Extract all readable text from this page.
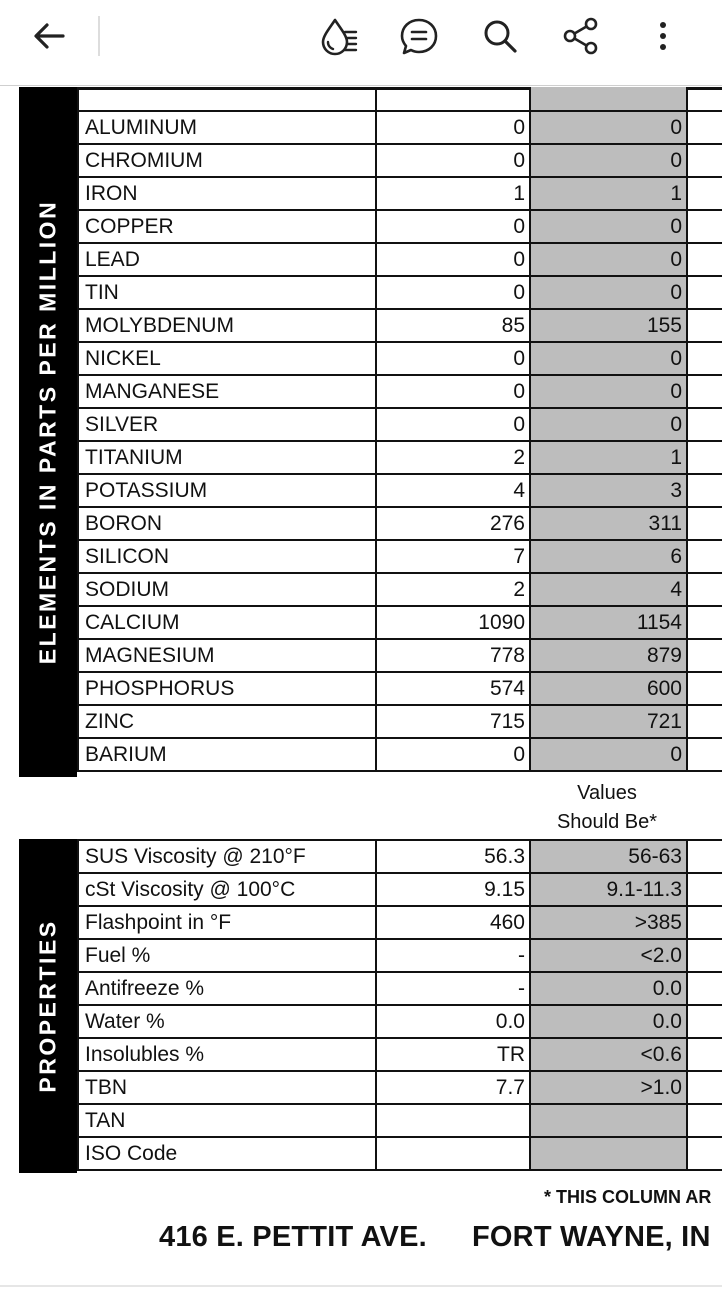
ELEMENTS IN PARTS PER MILLION

ALUMINUM	0	0	
CHROMIUM	0	0	
IRON	1	1	
COPPER	0	0	
LEAD	0	0	
TIN	0	0	
MOLYBDENUM	85	155	
NICKEL	0	0	
MANGANESE	0	0	
SILVER	0	0	
TITANIUM	2	1	
POTASSIUM	4	3	
BORON	276	311	
SILICON	7	6	
SODIUM	2	4	
CALCIUM	1090	1154	
MAGNESIUM	778	879	
PHOSPHORUS	574	600	
ZINC	715	721	
BARIUM	0	0	
Values
Should Be*
PROPERTIES
SUS Viscosity @ 210°F	56.3	56-63	
cSt Viscosity @ 100°C	9.15	9.1-11.3	
Flashpoint in °F	460	>385	
Fuel %	-	<2.0	
Antifreeze %	-	0.0	
Water %	0.0	0.0	
Insolubles %	TR	<0.6	
TBN	7.7	>1.0	
TAN			
ISO Code			
* THIS COLUMN AR
416 E. PETTIT AVE. FORT WAYNE, IN
